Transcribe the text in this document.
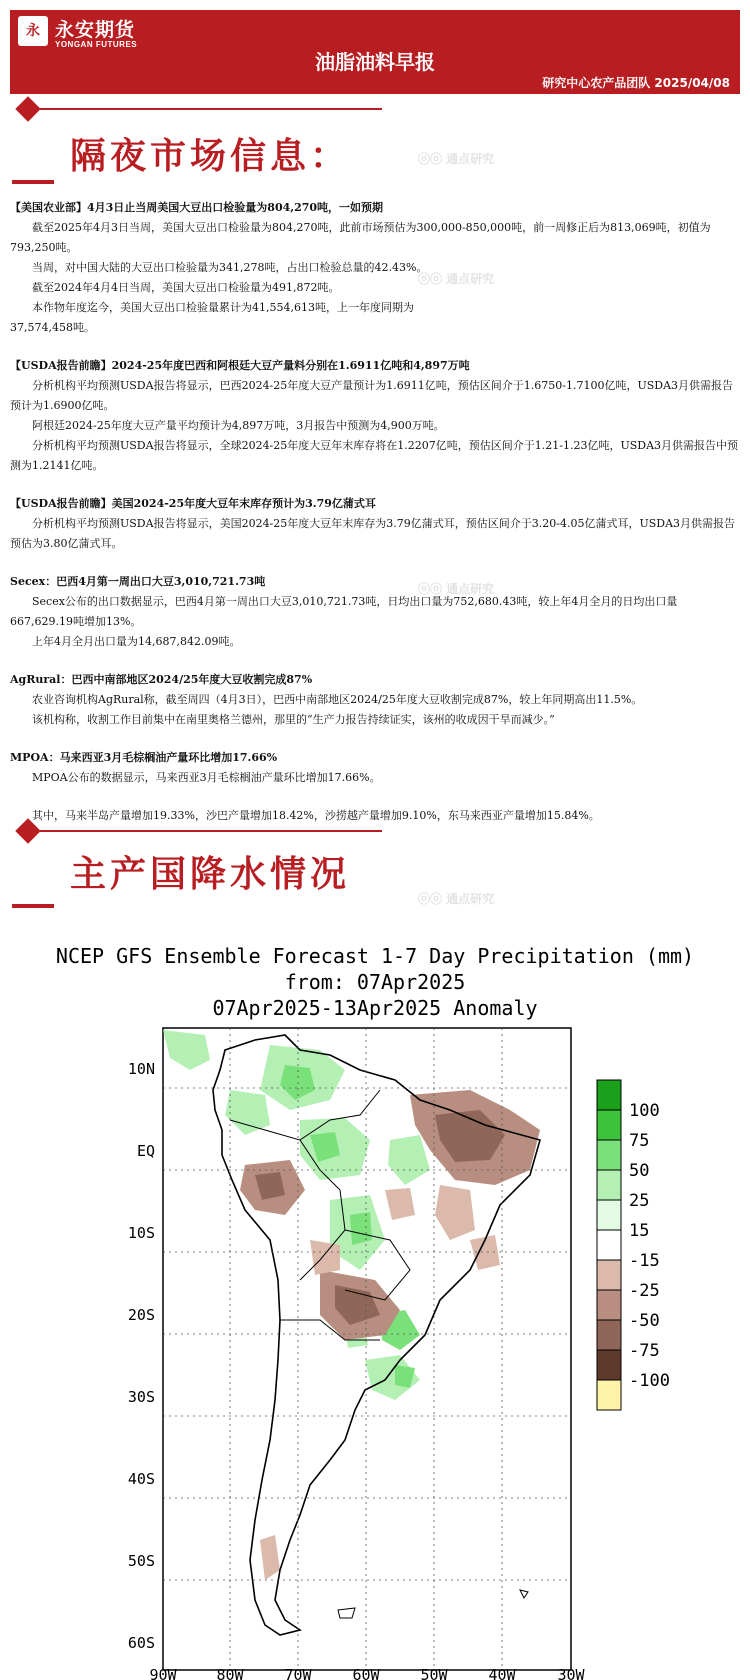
永 永安期货
YONGAN FUTURES
油脂油料早报
研究中心农产品团队 2025/04/08
隔夜市场信息：	ⓞⓞ 通点研究
ⓞⓞ 通点研究
ⓞⓞ 通点研究
ⓞⓞ 通点研究

【美国农业部】4月3日止当周美国大豆出口检验量为804,270吨，一如预期

截至2025年4月3日当周，美国大豆出口检验量为804,270吨，此前市场预估为300,000-850,000吨，前一周修正后为813,069吨，初值为793,250吨。

当周，对中国大陆的大豆出口检验量为341,278吨，占出口检验总量的42.43%。

截至2024年4月4日当周，美国大豆出口检验量为491,872吨。

本作物年度迄今，美国大豆出口检验量累计为41,554,613吨，上一年度同期为37,574,458吨。

【USDA报告前瞻】2024-25年度巴西和阿根廷大豆产量料分别在1.6911亿吨和4,897万吨

分析机构平均预测USDA报告将显示，巴西2024-25年度大豆产量预计为1.6911亿吨，预估区间介于1.6750-1.7100亿吨，USDA3月供需报告预计为1.6900亿吨。

阿根廷2024-25年度大豆产量平均预计为4,897万吨，3月报告中预测为4,900万吨。

分析机构平均预测USDA报告将显示，全球2024-25年度大豆年末库存将在1.2207亿吨，预估区间介于1.21-1.23亿吨，USDA3月供需报告中预测为1.2141亿吨。

【USDA报告前瞻】美国2024-25年度大豆年末库存预计为3.79亿蒲式耳

分析机构平均预测USDA报告将显示，美国2024-25年度大豆年末库存为3.79亿蒲式耳，预估区间介于3.20-4.05亿蒲式耳，USDA3月供需报告预估为3.80亿蒲式耳。

Secex：巴西4月第一周出口大豆3,010,721.73吨

Secex公布的出口数据显示，巴西4月第一周出口大豆3,010,721.73吨，日均出口量为752,680.43吨，较上年4月全月的日均出口量667,629.19吨增加13%。

上年4月全月出口量为14,687,842.09吨。

AgRural：巴西中南部地区2024/25年度大豆收割完成87%

农业咨询机构AgRural称，截至周四（4月3日），巴西中南部地区2024/25年度大豆收割完成87%，较上年同期高出11.5%。

该机构称，收割工作目前集中在南里奥格兰德州，那里的“生产力报告持续证实，该州的收成因干旱而减少。”

MPOA：马来西亚3月毛棕榈油产量环比增加17.66%

MPOA公布的数据显示，马来西亚3月毛棕榈油产量环比增加17.66%。

其中，马来半岛产量增加19.33%，沙巴产量增加18.42%，沙捞越产量增加9.10%，东马来西亚产量增加15.84%。

主产国降水情况
NCEP GFS Ensemble Forecast 1-7 Day Precipitation (mm)
from: 07Apr2025
07Apr2025-13Apr2025 Anomaly
10N
EQ
10S
20S
30S
40S
50S
60S
90W	80W	70W	60W	50W	40W	30W
100
75
50
25
15
-15
-25
-50
-75
-100
